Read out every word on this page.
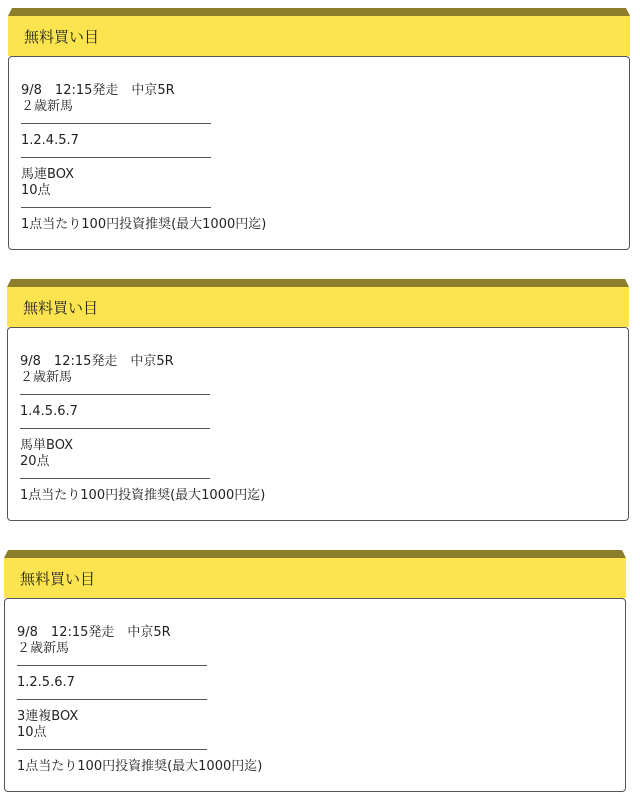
無料買い目
9/8　12:15発走　中京5R
２歳新馬
1.2.4.5.7
馬連BOX
10点
1点当たり100円投資推奨(最大1000円迄)
無料買い目
9/8　12:15発走　中京5R
２歳新馬
1.4.5.6.7
馬単BOX
20点
1点当たり100円投資推奨(最大1000円迄)
無料買い目
9/8　12:15発走　中京5R
２歳新馬
1.2.5.6.7
3連複BOX
10点
1点当たり100円投資推奨(最大1000円迄)
